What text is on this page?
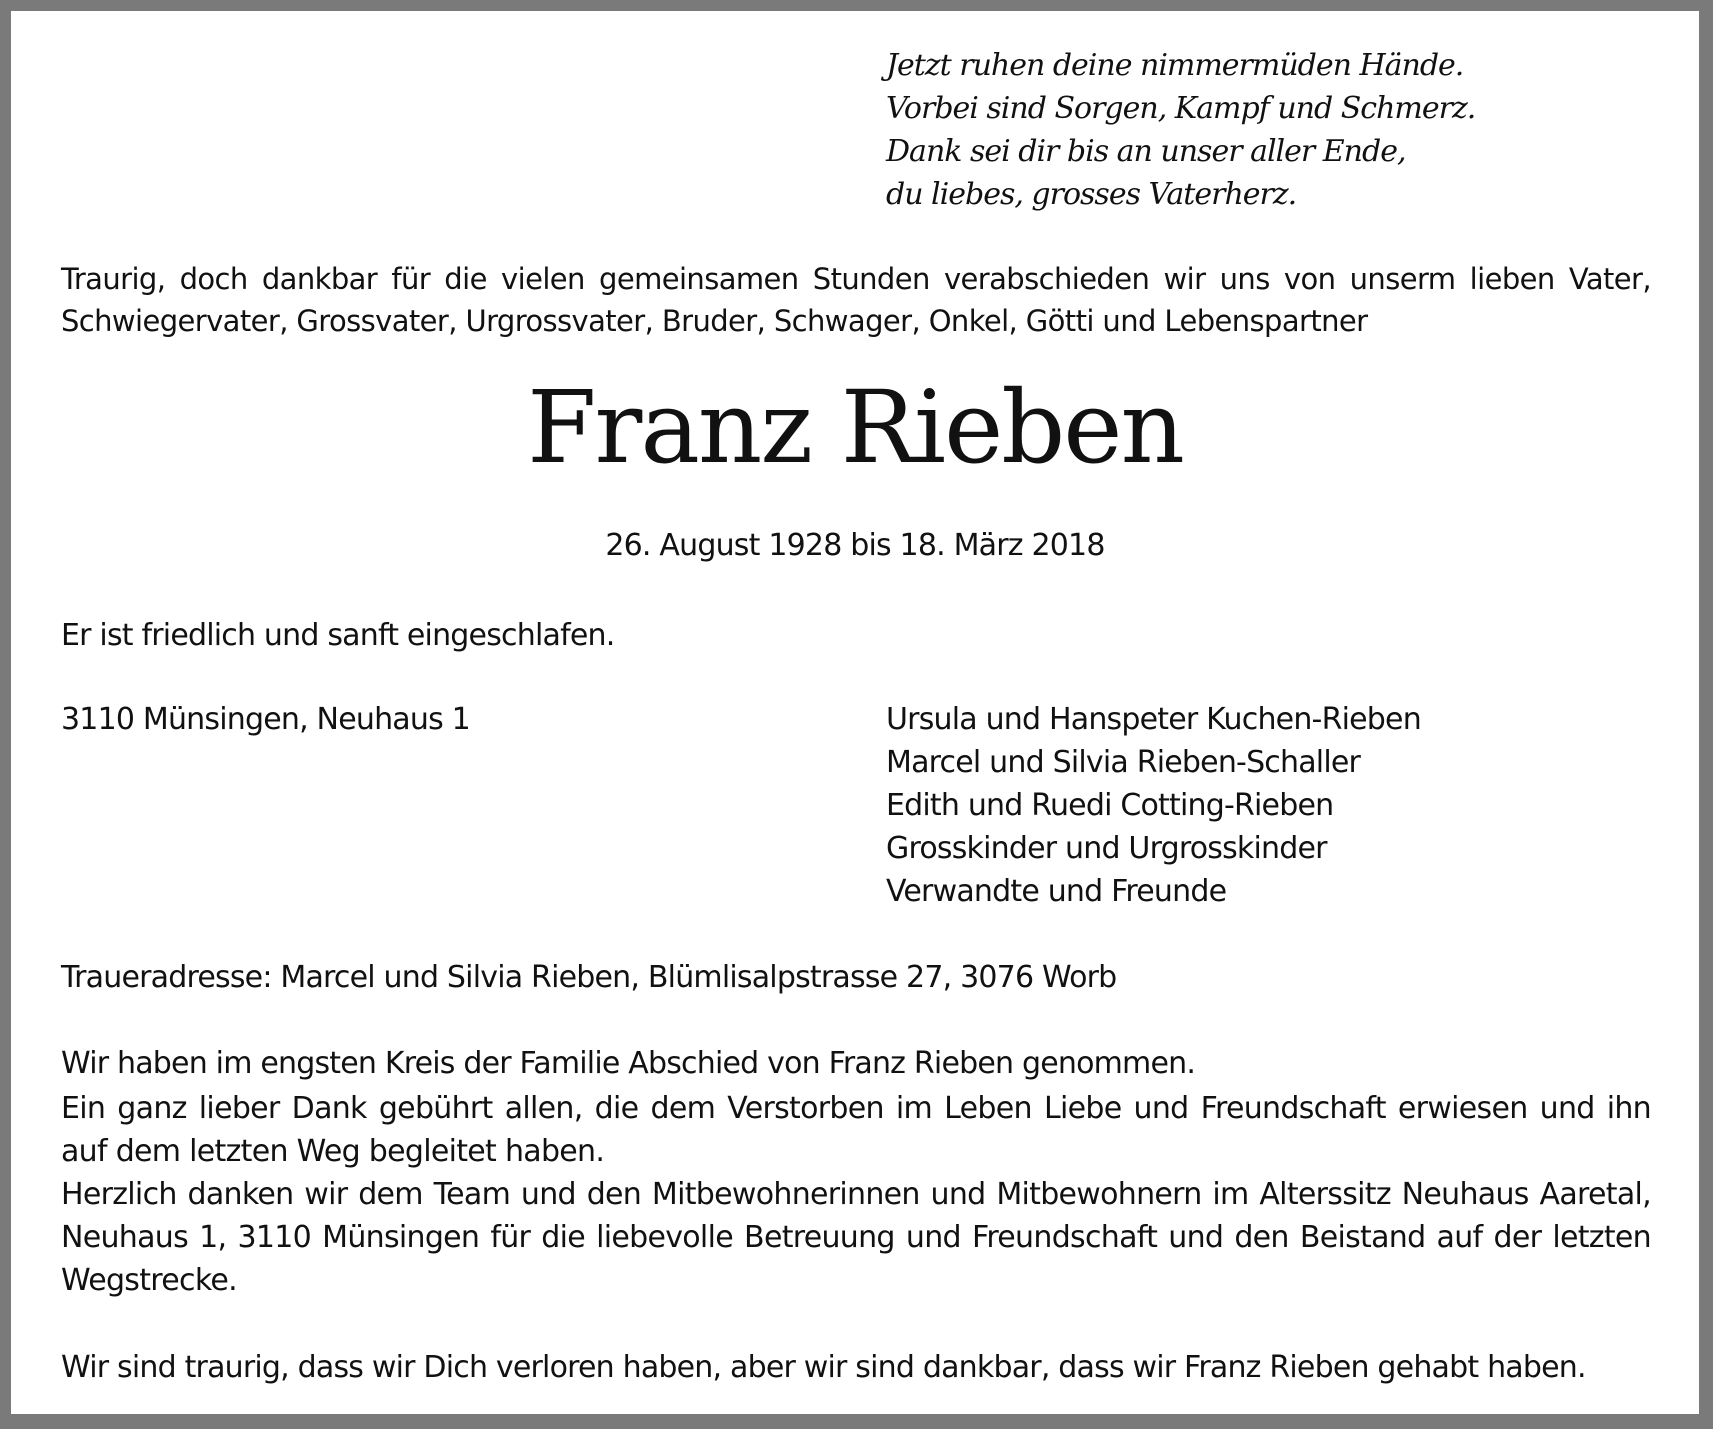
Jetzt ruhen deine nimmermüden Hände.
Vorbei sind Sorgen, Kampf und Schmerz.
Dank sei dir bis an unser aller Ende,
du liebes, grosses Vaterherz.
Traurig, doch dankbar für die vielen gemeinsamen Stunden verabschieden wir uns von unserm lieben Vater, Schwiegervater, Grossvater, Urgrossvater, Bruder, Schwager, Onkel, Götti und Lebenspartner
Franz Rieben
26. August 1928 bis 18. März 2018
Er ist friedlich und sanft eingeschlafen.
3110 Münsingen, Neuhaus 1	Ursula und Hanspeter Kuchen-Rieben
Marcel und Silvia Rieben-Schaller
Edith und Ruedi Cotting-Rieben
Grosskinder und Urgrosskinder
Verwandte und Freunde
Traueradresse: Marcel und Silvia Rieben, Blümlisalpstrasse 27, 3076 Worb
Wir haben im engsten Kreis der Familie Abschied von Franz Rieben genommen.
Ein ganz lieber Dank gebührt allen, die dem Verstorben im Leben Liebe und Freundschaft erwiesen und ihn auf dem letzten Weg begleitet haben.
Herzlich danken wir dem Team und den Mitbewohnerinnen und Mitbewohnern im Alterssitz Neuhaus Aaretal, Neuhaus 1, 3110 Münsingen für die liebevolle Betreuung und Freundschaft und den Beistand auf der letzten Wegstrecke.
Wir sind traurig, dass wir Dich verloren haben, aber wir sind dankbar, dass wir Franz Rieben gehabt haben.
